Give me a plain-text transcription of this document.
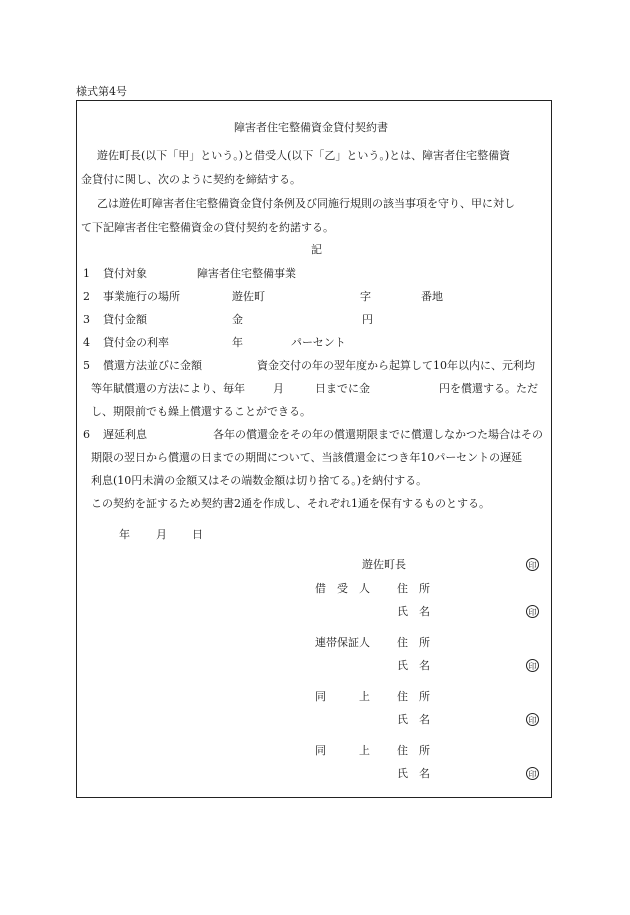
様式第4号
障害者住宅整備資金貸付契約書
遊佐町長(以下「甲」という。)と借受人(以下「乙」という。)とは、障害者住宅整備資
金貸付に関し、次のように契約を締結する。
乙は遊佐町障害者住宅整備資金貸付条例及び同施行規則の該当事項を守り、甲に対し
て下記障害者住宅整備資金の貸付契約を約諾する。
記
1 貸付対象	障害者住宅整備事業
2 事業施行の場所	遊佐町	字	番地
3 貸付金額	金	円
4 貸付金の利率	年	パーセント
5 償還方法並びに金額	資金交付の年の翌年度から起算して10年以内に、元利均
等年賦償還の方法により、毎年	月	日までに金	円を償還する。ただ
し、期限前でも繰上償還することができる。
6 遅延利息	各年の償還金をその年の償還期限までに償還しなかつた場合はその
期限の翌日から償還の日までの期間について、当該償還金につき年10パーセントの遅延
利息(10円未満の金額又はその端数金額は切り捨てる。)を納付する。
この契約を証するため契約書2通を作成し、それぞれ1通を保有するものとする。
年 月 日
遊佐町長	印
借　受　人 住　所
氏　名	印
連帯保証人 住　所
氏　名	印
同　　　上 住　所
氏　名	印
同　　　上 住　所
氏　名	印
